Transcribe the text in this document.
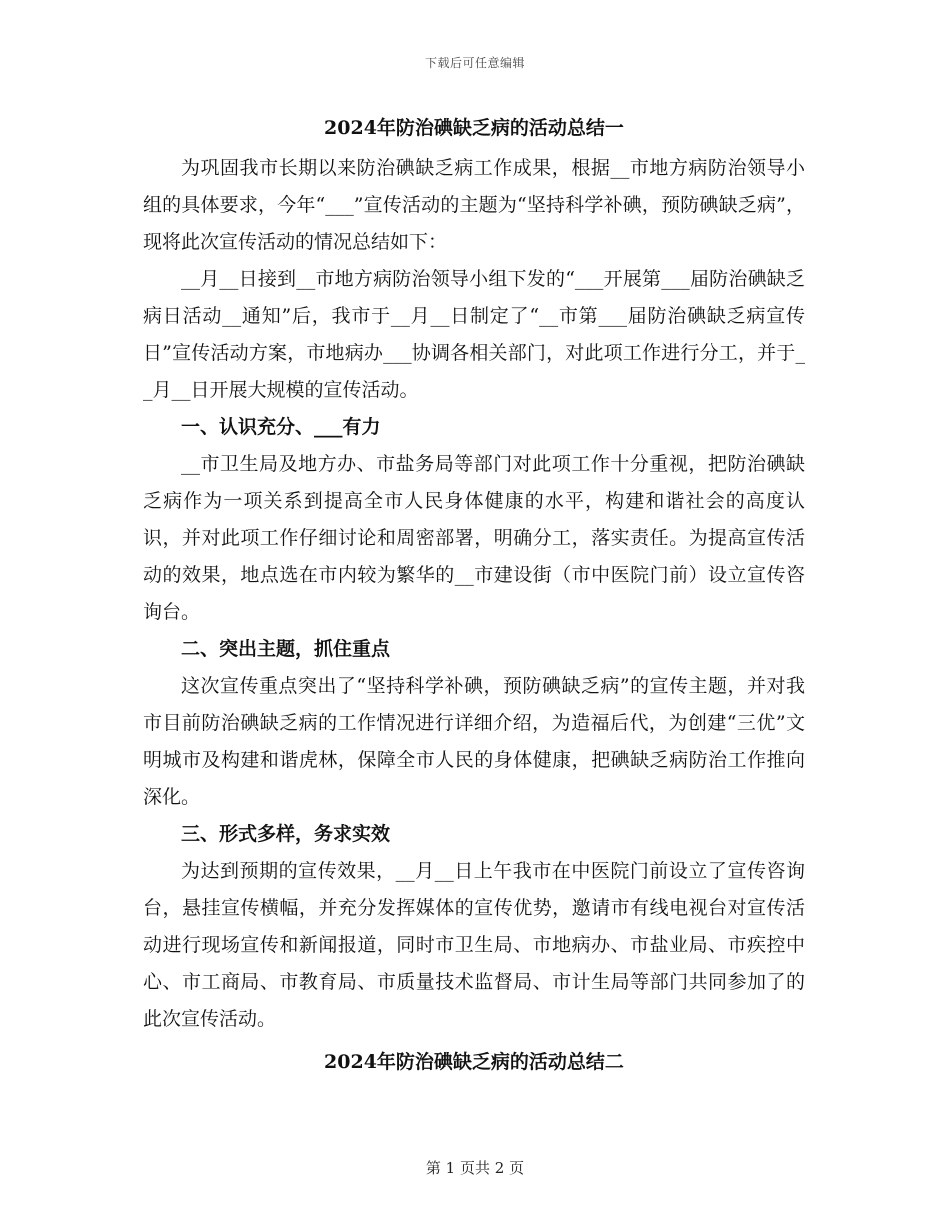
下载后可任意编辑
2024年防治碘缺乏病的活动总结一

为巩固我市长期以来防治碘缺乏病工作成果，根据__市地方病防治领导小组的具体要求，今年“___”宣传活动的主题为“坚持科学补碘，预防碘缺乏病”，现将此次宣传活动的情况总结如下：

__月__日接到__市地方病防治领导小组下发的“___开展第___届防治碘缺乏病日活动__通知”后，我市于__月__日制定了“__市第___届防治碘缺乏病宣传日”宣传活动方案，市地病办___协调各相关部门，对此项工作进行分工，并于__月__日开展大规模的宣传活动。

一、认识充分、___有力

__市卫生局及地方办、市盐务局等部门对此项工作十分重视，把防治碘缺乏病作为一项关系到提高全市人民身体健康的水平，构建和谐社会的高度认识，并对此项工作仔细讨论和周密部署，明确分工，落实责任。为提高宣传活动的效果，地点选在市内较为繁华的__市建设街（市中医院门前）设立宣传咨询台。

二、突出主题，抓住重点

这次宣传重点突出了“坚持科学补碘，预防碘缺乏病”的宣传主题，并对我市目前防治碘缺乏病的工作情况进行详细介绍，为造福后代，为创建“三优”文明城市及构建和谐虎林，保障全市人民的身体健康，把碘缺乏病防治工作推向深化。

三、形式多样，务求实效

为达到预期的宣传效果，__月__日上午我市在中医院门前设立了宣传咨询台，悬挂宣传横幅，并充分发挥媒体的宣传优势，邀请市有线电视台对宣传活动进行现场宣传和新闻报道，同时市卫生局、市地病办、市盐业局、市疾控中心、市工商局、市教育局、市质量技术监督局、市计生局等部门共同参加了的此次宣传活动。

2024年防治碘缺乏病的活动总结二
第 1 页共 2 页
